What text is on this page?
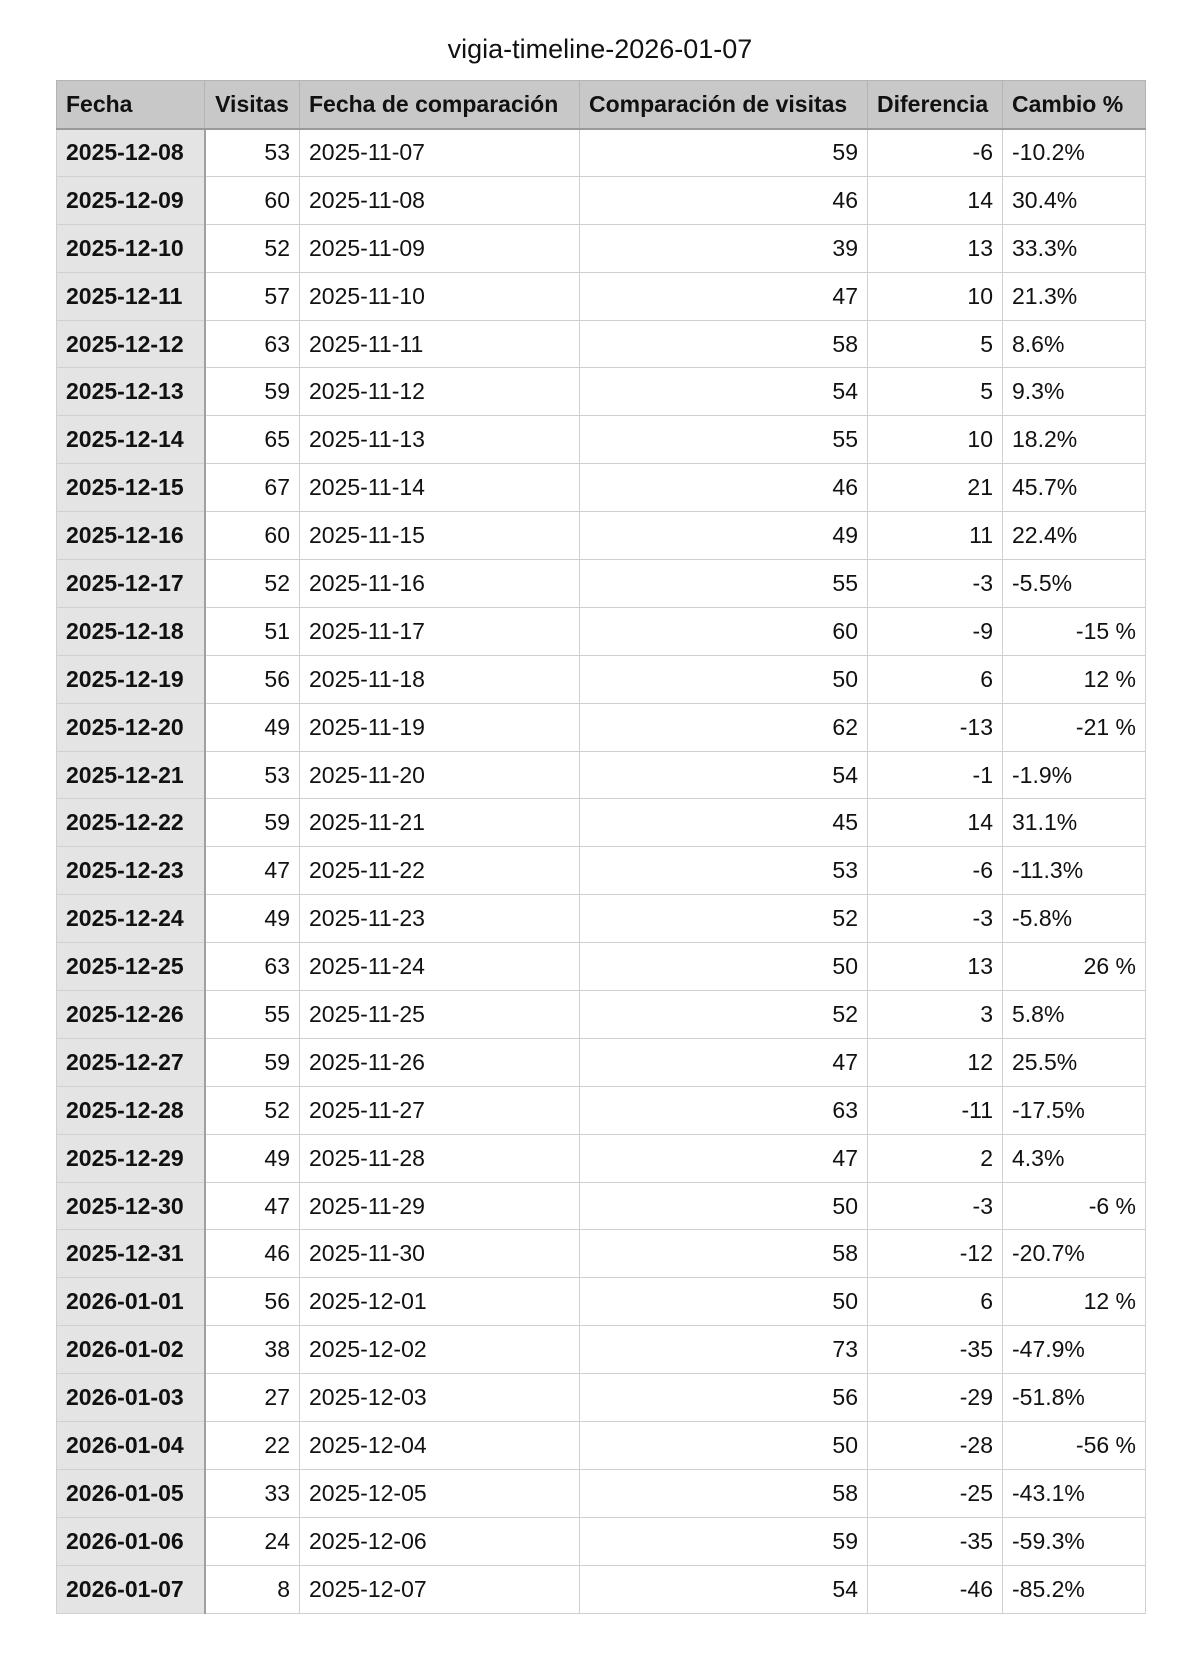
vigia-timeline-2026-01-07
Fecha	Visitas	Fecha de comparación	Comparación de visitas	Diferencia	Cambio %
2025-12-08	53	2025-11-07	59	-6	-10.2%
2025-12-09	60	2025-11-08	46	14	30.4%
2025-12-10	52	2025-11-09	39	13	33.3%
2025-12-11	57	2025-11-10	47	10	21.3%
2025-12-12	63	2025-11-11	58	5	8.6%
2025-12-13	59	2025-11-12	54	5	9.3%
2025-12-14	65	2025-11-13	55	10	18.2%
2025-12-15	67	2025-11-14	46	21	45.7%
2025-12-16	60	2025-11-15	49	11	22.4%
2025-12-17	52	2025-11-16	55	-3	-5.5%
2025-12-18	51	2025-11-17	60	-9	-15 %
2025-12-19	56	2025-11-18	50	6	12 %
2025-12-20	49	2025-11-19	62	-13	-21 %
2025-12-21	53	2025-11-20	54	-1	-1.9%
2025-12-22	59	2025-11-21	45	14	31.1%
2025-12-23	47	2025-11-22	53	-6	-11.3%
2025-12-24	49	2025-11-23	52	-3	-5.8%
2025-12-25	63	2025-11-24	50	13	26 %
2025-12-26	55	2025-11-25	52	3	5.8%
2025-12-27	59	2025-11-26	47	12	25.5%
2025-12-28	52	2025-11-27	63	-11	-17.5%
2025-12-29	49	2025-11-28	47	2	4.3%
2025-12-30	47	2025-11-29	50	-3	-6 %
2025-12-31	46	2025-11-30	58	-12	-20.7%
2026-01-01	56	2025-12-01	50	6	12 %
2026-01-02	38	2025-12-02	73	-35	-47.9%
2026-01-03	27	2025-12-03	56	-29	-51.8%
2026-01-04	22	2025-12-04	50	-28	-56 %
2026-01-05	33	2025-12-05	58	-25	-43.1%
2026-01-06	24	2025-12-06	59	-35	-59.3%
2026-01-07	8	2025-12-07	54	-46	-85.2%
